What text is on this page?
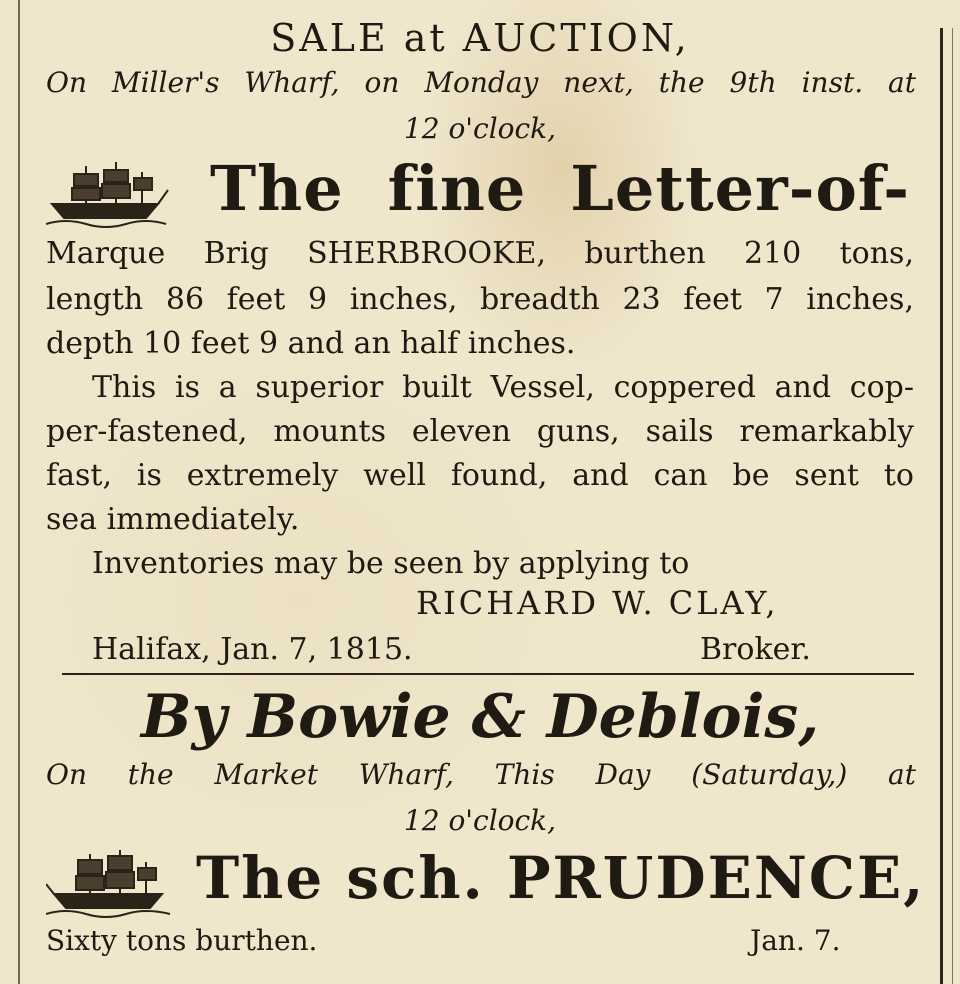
SALE at AUCTION,
On Miller's Wharf, on Monday next, the 9th inst. at
12 o'clock,
The fine Letter-of-
Marque Brig SHERBROOKE, burthen 210 tons,
length 86 feet 9 inches, breadth 23 feet 7 inches,
depth 10 feet 9 and an half inches.
This is a superior built Vessel, coppered and cop-
per-fastened, mounts eleven guns, sails remarkably
fast, is extremely well found, and can be sent to
sea immediately.
Inventories may be seen by applying to
RICHARD W. CLAY,
Halifax, Jan. 7, 1815.	Broker.
By Bowie & Deblois,
On the Market Wharf, This Day (Saturday,) at
12 o'clock,
The sch. PRUDENCE,
Sixty tons burthen.	Jan. 7.
